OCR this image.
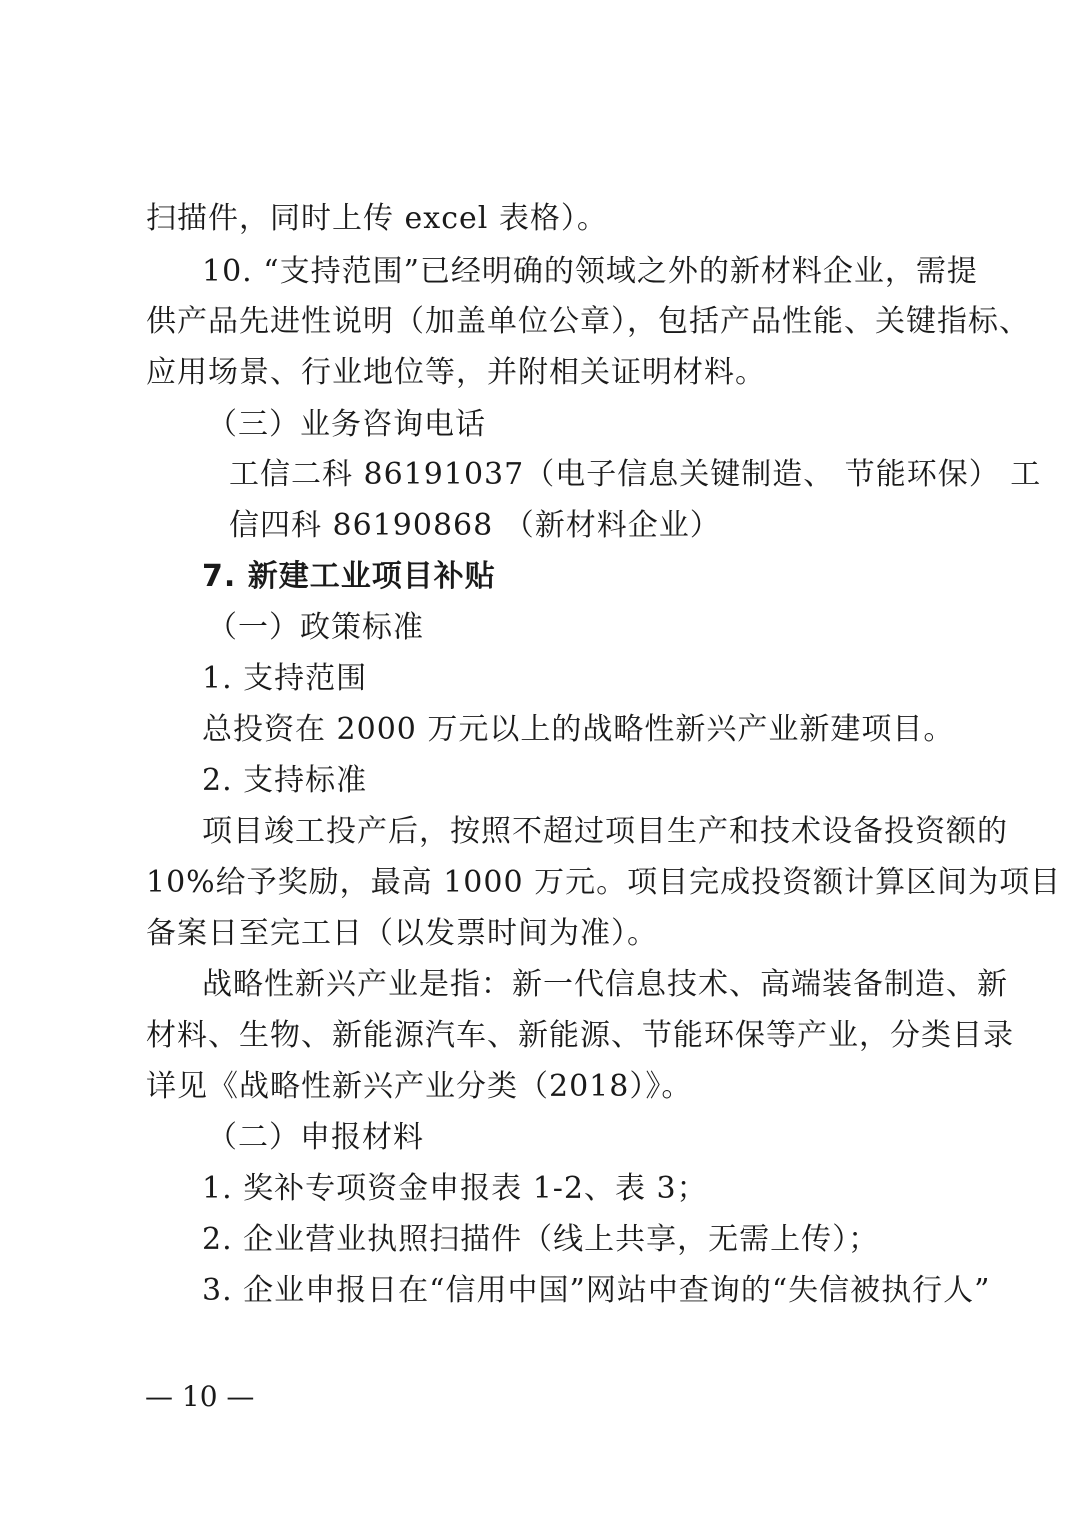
扫描件，同时上传 excel 表格）。
10. “支持范围”已经明确的领域之外的新材料企业，需提
供产品先进性说明（加盖单位公章），包括产品性能、关键指标、
应用场景、行业地位等，并附相关证明材料。
（三）业务咨询电话
工信二科 86191037（电子信息关键制造、 节能环保） 工
信四科 86190868 （新材料企业）
7. 新建工业项目补贴
（一）政策标准
1. 支持范围
总投资在 2000 万元以上的战略性新兴产业新建项目。
2. 支持标准
项目竣工投产后，按照不超过项目生产和技术设备投资额的
10%给予奖励，最高 1000 万元。项目完成投资额计算区间为项目
备案日至完工日（以发票时间为准）。
战略性新兴产业是指：新一代信息技术、高端装备制造、新
材料、生物、新能源汽车、新能源、节能环保等产业，分类目录
详见《战略性新兴产业分类（2018）》。
（二）申报材料
1. 奖补专项资金申报表 1-2、表 3；
2. 企业营业执照扫描件（线上共享，无需上传）；
3. 企业申报日在“信用中国”网站中查询的“失信被执行人”
— 10 —
